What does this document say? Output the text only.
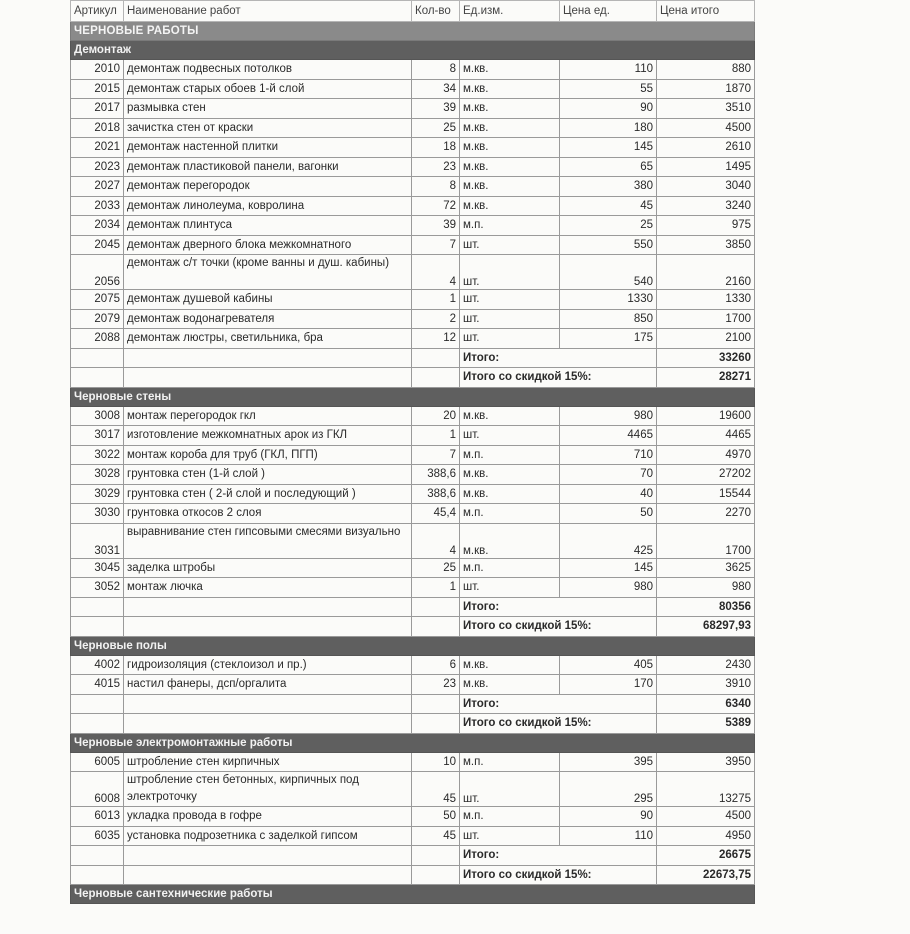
Артикул	Наименование работ	Кол-во	Ед.изм.	Цена ед.	Цена итого
ЧЕРНОВЫЕ РАБОТЫ					
Демонтаж					
2010	демонтаж подвесных потолков	8	м.кв.	110	880
2015	демонтаж старых обоев 1-й слой	34	м.кв.	55	1870
2017	размывка стен	39	м.кв.	90	3510
2018	зачистка стен от краски	25	м.кв.	180	4500
2021	демонтаж настенной плитки	18	м.кв.	145	2610
2023	демонтаж пластиковой панели, вагонки	23	м.кв.	65	1495
2027	демонтаж перегородок	8	м.кв.	380	3040
2033	демонтаж линолеума, ковролина	72	м.кв.	45	3240
2034	демонтаж плинтуса	39	м.п.	25	975
2045	демонтаж дверного блока межкомнатного	7	шт.	550	3850
2056	демонтаж с/т точки (кроме ванны и душ. кабины)	4	шт.	540	2160
2075	демонтаж душевой кабины	1	шт.	1330	1330
2079	демонтаж водонагревателя	2	шт.	850	1700
2088	демонтаж люстры, светильника, бра	12	шт.	175	2100
			Итого:		33260
			Итого со скидкой 15%:		28271
Черновые стены					
3008	монтаж перегородок гкл	20	м.кв.	980	19600
3017	изготовление межкомнатных арок из ГКЛ	1	шт.	4465	4465
3022	монтаж короба для труб (ГКЛ, ПГП)	7	м.п.	710	4970
3028	грунтовка стен (1-й слой )	388,6	м.кв.	70	27202
3029	грунтовка стен ( 2-й слой и последующий )	388,6	м.кв.	40	15544
3030	грунтовка откосов 2 слоя	45,4	м.п.	50	2270
3031	выравнивание стен гипсовыми смесями визуально	4	м.кв.	425	1700
3045	заделка штробы	25	м.п.	145	3625
3052	монтаж лючка	1	шт.	980	980
			Итого:		80356
			Итого со скидкой 15%:		68297,93
Черновые полы					
4002	гидроизоляция (стеклоизол и пр.)	6	м.кв.	405	2430
4015	настил фанеры, дсп/оргалита	23	м.кв.	170	3910
			Итого:		6340
			Итого со скидкой 15%:		5389
Черновые электромонтажные работы					
6005	штробление стен кирпичных	10	м.п.	395	3950
6008	штробление стен бетонных, кирпичных под электроточку	45	шт.	295	13275
6013	укладка провода в гофре	50	м.п.	90	4500
6035	установка подрозетника с заделкой гипсом	45	шт.	110	4950
			Итого:		26675
			Итого со скидкой 15%:		22673,75
Черновые сантехнические работы					
